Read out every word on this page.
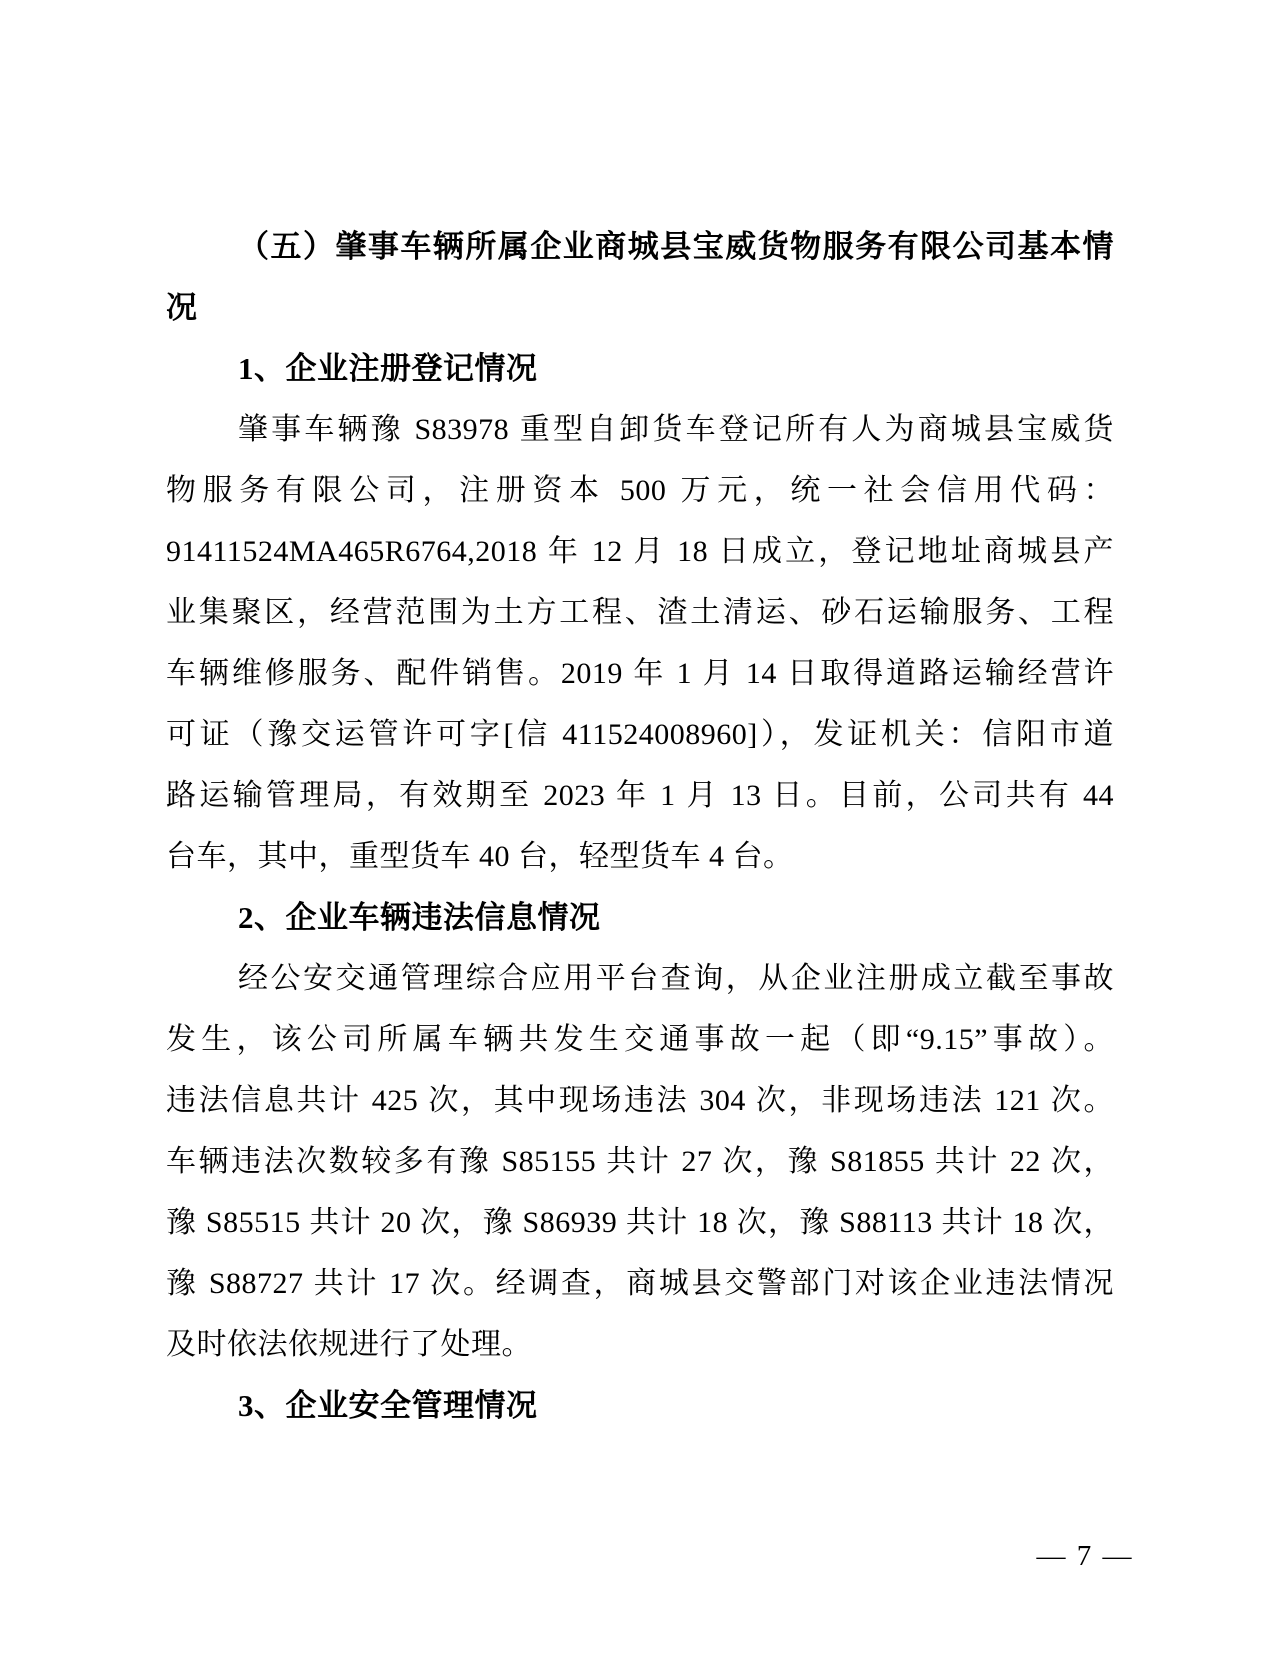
（五）肇事车辆所属企业商城县宝威货物服务有限公司基本情
况
1、企业注册登记情况
肇事车辆豫 S83978 重型自卸货车登记所有人为商城县宝威货
物服务有限公司，注册资本 500 万元，统一社会信用代码：
91411524MA465R6764,2018 年 12 月 18 日成立，登记地址商城县产
业集聚区，经营范围为土方工程、渣土清运、砂石运输服务、工程
车辆维修服务、配件销售。2019 年 1 月 14 日取得道路运输经营许
可证（豫交运管许可字[信 411524008960]），发证机关：信阳市道
路运输管理局，有效期至 2023 年 1 月 13 日。目前，公司共有 44
台车，其中，重型货车 40 台，轻型货车 4 台。
2、企业车辆违法信息情况
经公安交通管理综合应用平台查询，从企业注册成立截至事故
发生，该公司所属车辆共发生交通事故一起（即“9.15”事故）。
违法信息共计 425 次，其中现场违法 304 次，非现场违法 121 次。
车辆违法次数较多有豫 S85155 共计 27 次，豫 S81855 共计 22 次，
豫 S85515 共计 20 次，豫 S86939 共计 18 次，豫 S88113 共计 18 次，
豫 S88727 共计 17 次。经调查，商城县交警部门对该企业违法情况
及时依法依规进行了处理。
3、企业安全管理情况
— 7 —
